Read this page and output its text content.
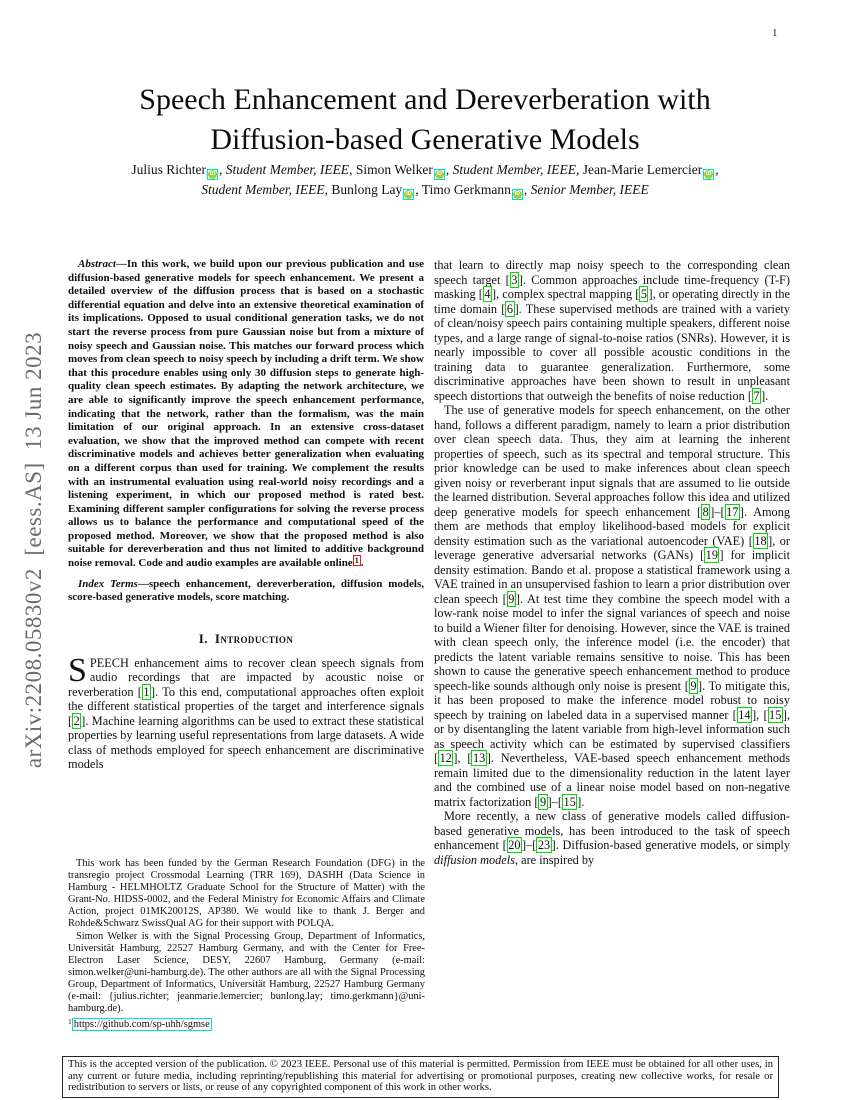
1
arXiv:2208.05830v2  [eess.AS]  13 Jun 2023
Speech Enhancement and Dereverberation with Diffusion-based Generative Models
Julius Richter iD , Student Member, IEEE, Simon Welker iD , Student Member, IEEE, Jean-Marie Lemercier iD , Student Member, IEEE, Bunlong Lay iD , Timo Gerkmann iD , Senior Member, IEEE

Abstract—In this work, we build upon our previous publication and use diffusion-based generative models for speech enhancement. We present a detailed overview of the diffusion process that is based on a stochastic differential equation and delve into an extensive theoretical examination of its implications. Opposed to usual conditional generation tasks, we do not start the reverse process from pure Gaussian noise but from a mixture of noisy speech and Gaussian noise. This matches our forward process which moves from clean speech to noisy speech by including a drift term. We show that this procedure enables using only 30 diffusion steps to generate high-quality clean speech estimates. By adapting the network architecture, we are able to significantly improve the speech enhancement performance, indicating that the network, rather than the formalism, was the main limitation of our original approach. In an extensive cross-dataset evaluation, we show that the improved method can compete with recent discriminative models and achieves better generalization when evaluating on a different corpus than used for training. We complement the results with an instrumental evaluation using real-world noisy recordings and a listening experiment, in which our proposed method is rated best. Examining different sampler configurations for solving the reverse process allows us to balance the performance and computational speed of the proposed method. Moreover, we show that the proposed method is also suitable for dereverberation and thus not limited to additive background noise removal. Code and audio examples are available online $^1$ .

Index Terms—speech enhancement, dereverberation, diffusion models, score-based generative models, score matching.

I. Introduction

SPEECH enhancement aims to recover clean speech signals from audio recordings that are impacted by acoustic noise or reverberation [ 1 ]. To this end, computational approaches often exploit the different statistical properties of the target and interference signals [ 2 ]. Machine learning algorithms can be used to extract these statistical properties by learning useful representations from large datasets. A wide class of methods employed for speech enhancement are discriminative models

that learn to directly map noisy speech to the corresponding clean speech target [ 3 ]. Common approaches include time-frequency (T-F) masking [ 4 ], complex spectral mapping [ 5 ], or operating directly in the time domain [ 6 ]. These supervised methods are trained with a variety of clean/noisy speech pairs containing multiple speakers, different noise types, and a large range of signal-to-noise ratios (SNRs). However, it is nearly impossible to cover all possible acoustic conditions in the training data to guarantee generalization. Furthermore, some discriminative approaches have been shown to result in unpleasant speech distortions that outweigh the benefits of noise reduction [ 7 ].

The use of generative models for speech enhancement, on the other hand, follows a different paradigm, namely to learn a prior distribution over clean speech data. Thus, they aim at learning the inherent properties of speech, such as its spectral and temporal structure. This prior knowledge can be used to make inferences about clean speech given noisy or reverberant input signals that are assumed to lie outside the learned distribution. Several approaches follow this idea and utilized deep generative models for speech enhancement [ 8 ]–[ 17 ]. Among them are methods that employ likelihood-based models for explicit density estimation such as the variational autoencoder (VAE) [ 18 ], or leverage generative adversarial networks (GANs) [ 19 ] for implicit density estimation. Bando et al. propose a statistical framework using a VAE trained in an unsupervised fashion to learn a prior distribution over clean speech [ 9 ]. At test time they combine the speech model with a low-rank noise model to infer the signal variances of speech and noise to build a Wiener filter for denoising. However, since the VAE is trained with clean speech only, the inference model (i.e. the encoder) that predicts the latent variable remains sensitive to noise. This has been shown to cause the generative speech enhancement method to produce speech-like sounds although only noise is present [ 9 ]. To mitigate this, it has been proposed to make the inference model robust to noisy speech by training on labeled data in a supervised manner [ 14 ], [ 15 ], or by disentangling the latent variable from high-level information such as speech activity which can be estimated by supervised classifiers [ 12 ], [ 13 ]. Nevertheless, VAE-based speech enhancement methods remain limited due to the dimensionality reduction in the latent layer and the combined use of a linear noise model based on non-negative matrix factorization [ 9 ]–[ 15 ].

More recently, a new class of generative models called diffusion-based generative models, has been introduced to the task of speech enhancement [ 20 ]–[ 23 ]. Diffusion-based generative models, or simply diffusion models, are inspired by

This work has been funded by the German Research Foundation (DFG) in the transregio project Crossmodal Learning (TRR 169), DASHH (Data Science in Hamburg - HELMHOLTZ Graduate School for the Structure of Matter) with the Grant-No. HIDSS-0002, and the Federal Ministry for Economic Affairs and Climate Action, project 01MK20012S, AP380. We would like to thank J. Berger and Rohde&Schwarz SwissQual AG for their support with POLQA.

Simon Welker is with the Signal Processing Group, Department of Informatics, Universität Hamburg, 22527 Hamburg Germany, and with the Center for Free-Electron Laser Science, DESY, 22607 Hamburg, Germany (e-mail: simon.welker@uni-hamburg.de). The other authors are all with the Signal Processing Group, Department of Informatics, Universität Hamburg, 22527 Hamburg Germany (e-mail: {julius.richter; jeanmarie.lemercier; bunlong.lay; timo.gerkmann}@uni-hamburg.de).

$^1$ https://github.com/sp-uhh/sgmse

This is the accepted version of the publication. © 2023 IEEE. Personal use of this material is permitted. Permission from IEEE must be obtained for all other uses, in any current or future media, including reprinting/republishing this material for advertising or promotional purposes, creating new collective works, for resale or redistribution to servers or lists, or reuse of any copyrighted component of this work in other works.
